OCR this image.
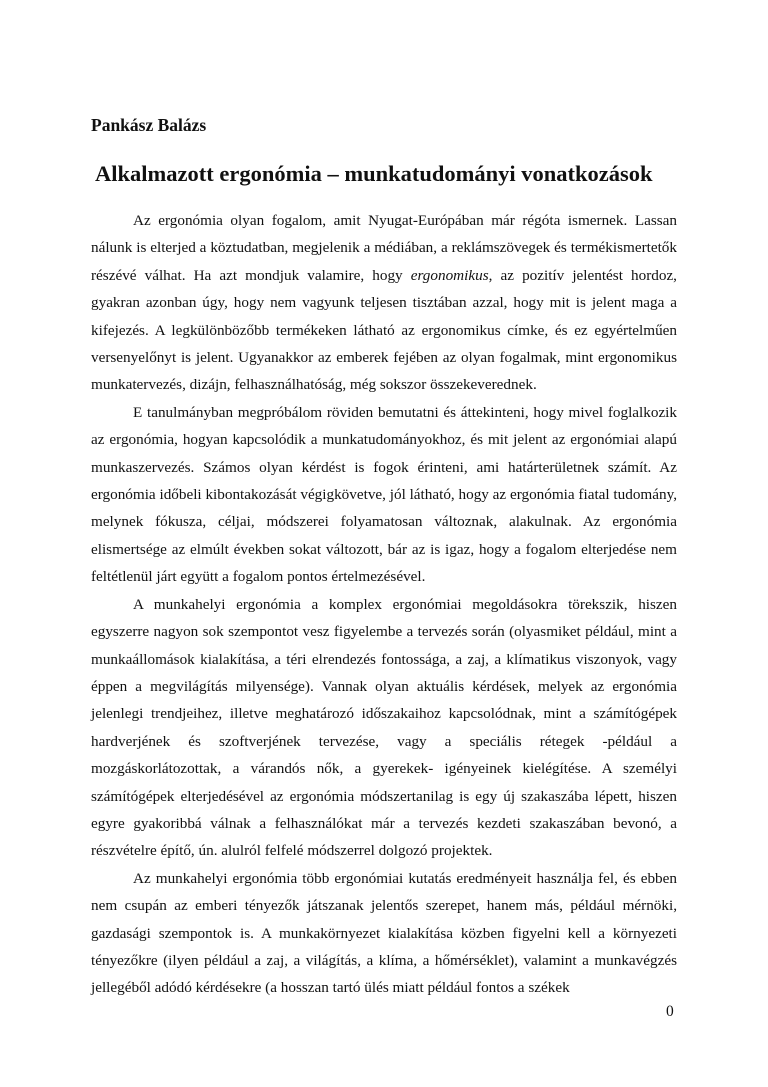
Pankász Balázs
Alkalmazott ergonómia – munkatudományi vonatkozások

Az ergonómia olyan fogalom, amit Nyugat-Európában már régóta ismernek. Lassan nálunk is elterjed a köztudatban, megjelenik a médiában, a reklámszövegek és termékismertetők részévé válhat. Ha azt mondjuk valamire, hogy ergonomikus, az pozitív jelentést hordoz, gyakran azonban úgy, hogy nem vagyunk teljesen tisztában azzal, hogy mit is jelent maga a kifejezés. A legkülönbözőbb termékeken látható az ergonomikus címke, és ez egyértelműen versenyelőnyt is jelent. Ugyanakkor az emberek fejében az olyan fogalmak, mint ergonomikus munkatervezés, dizájn, felhasználhatóság, még sokszor összekeverednek.

E tanulmányban megpróbálom röviden bemutatni és áttekinteni, hogy mivel foglalkozik az ergonómia, hogyan kapcsolódik a munkatudományokhoz, és mit jelent az ergonómiai alapú munkaszervezés. Számos olyan kérdést is fogok érinteni, ami határterületnek számít. Az ergonómia időbeli kibontakozását végigkövetve, jól látható, hogy az ergonómia fiatal tudomány, melynek fókusza, céljai, módszerei folyamatosan változnak, alakulnak. Az ergonómia elismertsége az elmúlt években sokat változott, bár az is igaz, hogy a fogalom elterjedése nem feltétlenül járt együtt a fogalom pontos értelmezésével.

A munkahelyi ergonómia a komplex ergonómiai megoldásokra törekszik, hiszen egyszerre nagyon sok szempontot vesz figyelembe a tervezés során (olyasmiket például, mint a munkaállomások kialakítása, a téri elrendezés fontossága, a zaj, a klímatikus viszonyok, vagy éppen a megvilágítás milyensége). Vannak olyan aktuális kérdések, melyek az ergonómia jelenlegi trendjeihez, illetve meghatározó időszakaihoz kapcsolódnak, mint a számítógépek hardverjének és szoftverjének tervezése, vagy a speciális rétegek -például a mozgáskorlátozottak, a várandós nők, a gyerekek- igényeinek kielégítése. A személyi számítógépek elterjedésével az ergonómia módszertanilag is egy új szakaszába lépett, hiszen egyre gyakoribbá válnak a felhasználókat már a tervezés kezdeti szakaszában bevonó, a részvételre építő, ún. alulról felfelé módszerrel dolgozó projektek.

Az munkahelyi ergonómia több ergonómiai kutatás eredményeit használja fel, és ebben nem csupán az emberi tényezők játszanak jelentős szerepet, hanem más, például mérnöki, gazdasági szempontok is. A munkakörnyezet kialakítása közben figyelni kell a környezeti tényezőkre (ilyen például a zaj, a világítás, a klíma, a hőmérséklet), valamint a munkavégzés jellegéből adódó kérdésekre (a hosszan tartó ülés miatt például fontos a székek

0
